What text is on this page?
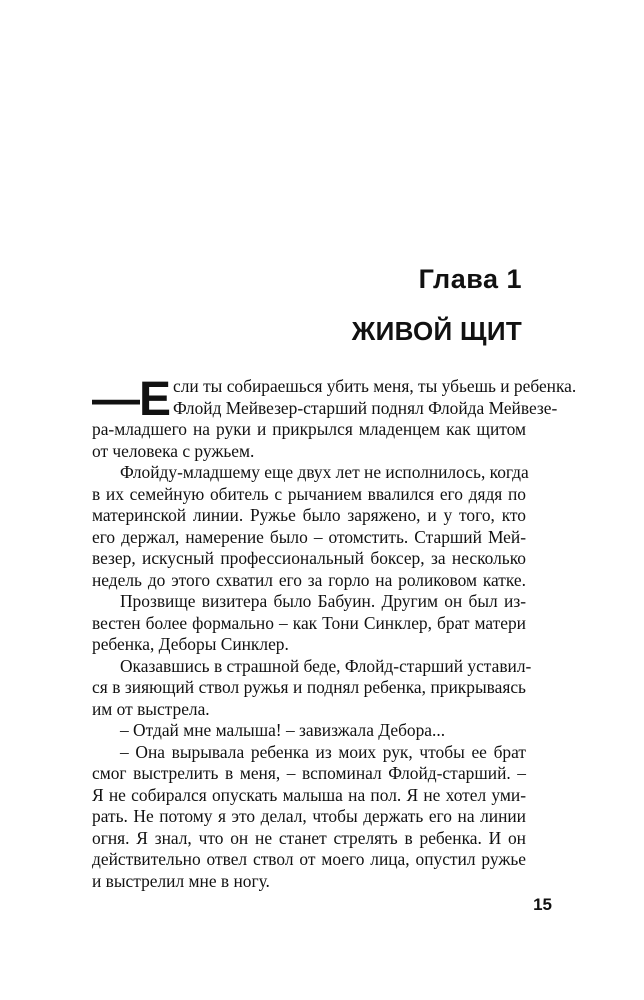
Глава 1
ЖИВОЙ ЩИТ
—Е сли ты собираешься убить меня, ты убьешь и ребенка.
Флойд Мейвезер-старший поднял Флойда Мейвезе-
ра-младшего на руки и прикрылся младенцем как щитом
от человека с ружьем.
Флойду-младшему еще двух лет не исполнилось, когда
в их семейную обитель с рычанием ввалился его дядя по
материнской линии. Ружье было заряжено, и у того, кто
его держал, намерение было – отомстить. Старший Мей-
везер, искусный профессиональный боксер, за несколько
недель до этого схватил его за горло на роликовом катке.
Прозвище визитера было Бабуин. Другим он был из-
вестен более формально – как Тони Синклер, брат матери
ребенка, Деборы Синклер.
Оказавшись в страшной беде, Флойд-старший уставил-
ся в зияющий ствол ружья и поднял ребенка, прикрываясь
им от выстрела.
– Отдай мне малыша! – завизжала Дебора...
– Она вырывала ребенка из моих рук, чтобы ее брат
смог выстрелить в меня, – вспоминал Флойд-старший. –
Я не собирался опускать малыша на пол. Я не хотел уми-
рать. Не потому я это делал, чтобы держать его на линии
огня. Я знал, что он не станет стрелять в ребенка. И он
действительно отвел ствол от моего лица, опустил ружье
и выстрелил мне в ногу.
15
